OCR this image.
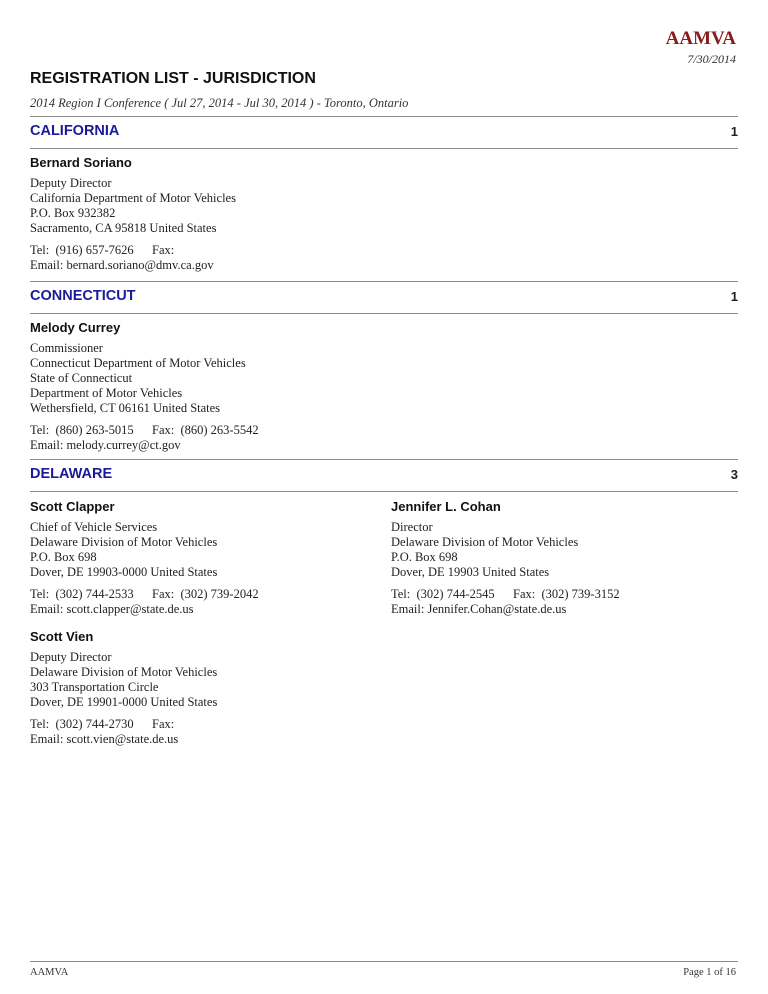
AAMVA
7/30/2014
REGISTRATION LIST - JURISDICTION
2014 Region I Conference ( Jul 27, 2014 - Jul 30, 2014 ) - Toronto, Ontario
CALIFORNIA	1
Bernard Soriano
Deputy Director
California Department of Motor Vehicles
P.O. Box 932382
Sacramento, CA 95818 United States
Tel: (916) 657-7626	Fax:
Email: bernard.soriano@dmv.ca.gov
CONNECTICUT	1
Melody Currey
Commissioner
Connecticut Department of Motor Vehicles
State of Connecticut
Department of Motor Vehicles
Wethersfield, CT 06161 United States
Tel: (860) 263-5015	Fax: (860) 263-5542
Email: melody.currey@ct.gov
DELAWARE	3
Scott Clapper
Chief of Vehicle Services
Delaware Division of Motor Vehicles
P.O. Box 698
Dover, DE 19903-0000 United States
Tel: (302) 744-2533	Fax: (302) 739-2042
Email: scott.clapper@state.de.us
Jennifer L. Cohan
Director
Delaware Division of Motor Vehicles
P.O. Box 698
Dover, DE 19903 United States
Tel: (302) 744-2545	Fax: (302) 739-3152
Email: Jennifer.Cohan@state.de.us
Scott Vien
Deputy Director
Delaware Division of Motor Vehicles
303 Transportation Circle
Dover, DE 19901-0000 United States
Tel: (302) 744-2730	Fax:
Email: scott.vien@state.de.us
AAMVA	Page 1 of 16
